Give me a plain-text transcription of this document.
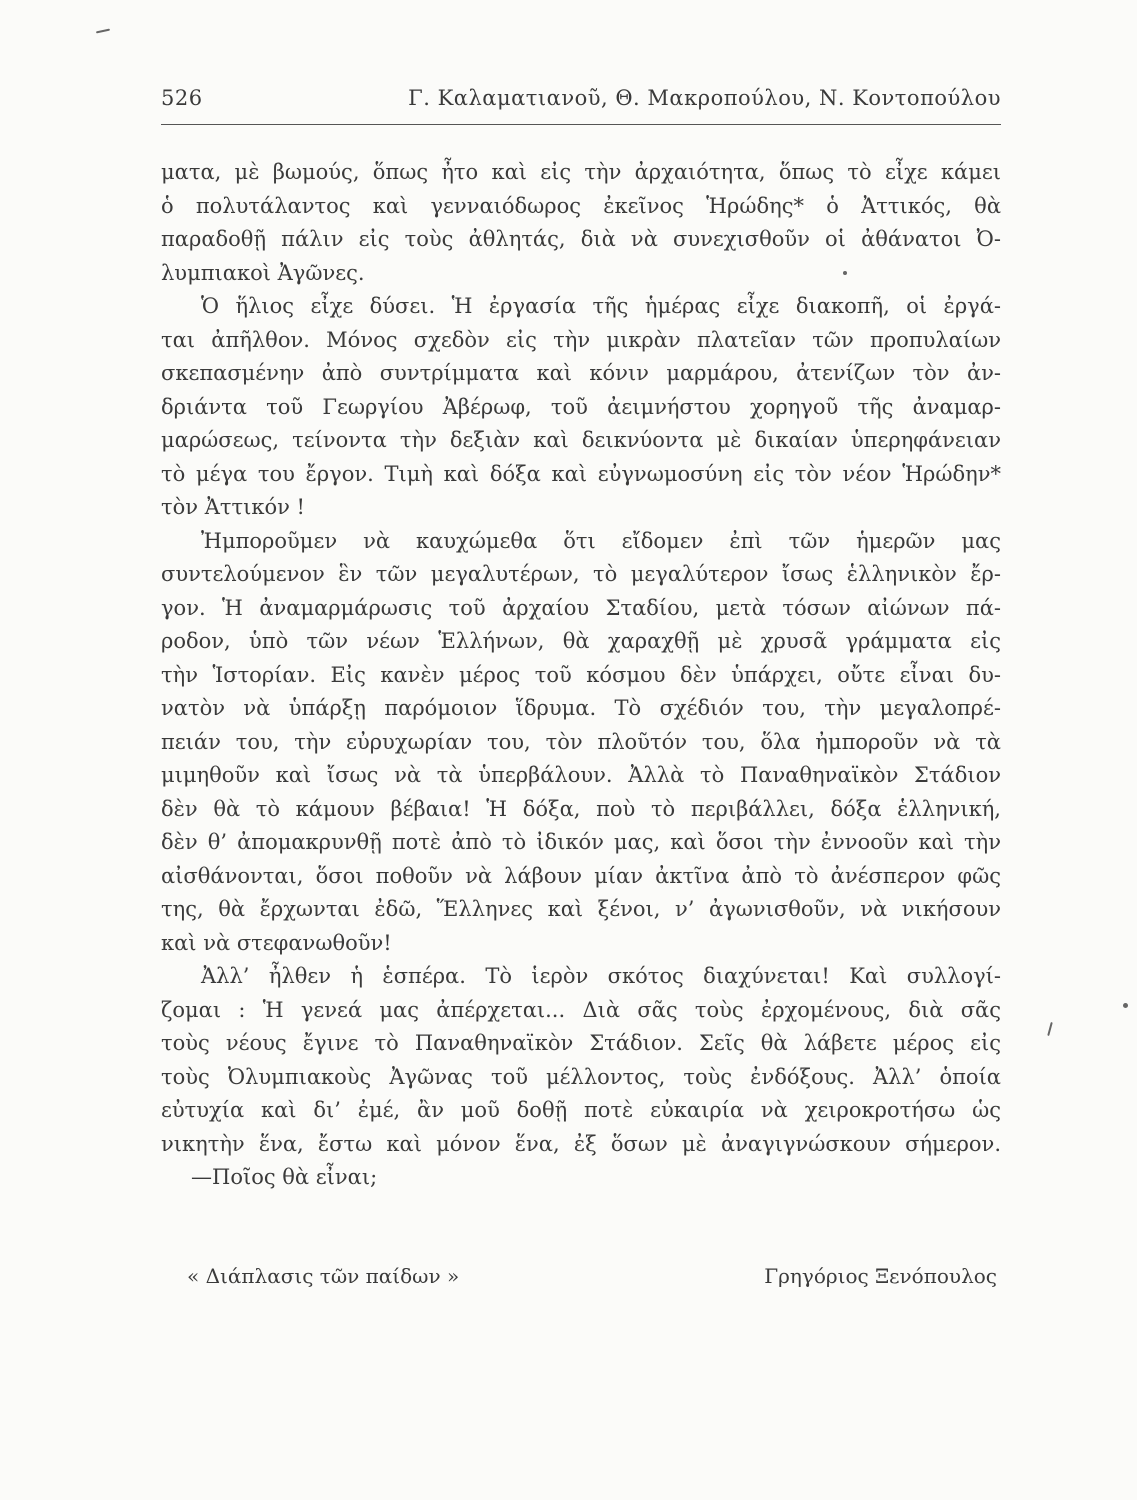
526	Γ. Καλαματιανοῦ, Θ. Μακροπούλου, Ν. Κοντοπούλου
ματα, μὲ βωμούς, ὅπως ἦτο καὶ εἰς τὴν ἀρχαιότητα, ὅπως τὸ εἶχε κάμει
ὁ πολυτάλαντος καὶ γενναιόδωρος ἐκεῖνος Ἡρώδης* ὁ Ἀττικός, θὰ
παραδοθῇ πάλιν εἰς τοὺς ἀθλητάς, διὰ νὰ συνεχισθοῦν οἱ ἀθάνατοι Ὀ-
λυμπιακοὶ Ἀγῶνες.
Ὁ ἥλιος εἶχε δύσει. Ἡ ἐργασία τῆς ἡμέρας εἶχε διακοπῆ, οἱ ἐργά-
ται ἀπῆλθον. Μόνος σχεδὸν εἰς τὴν μικρὰν πλατεῖαν τῶν προπυλαίων
σκεπασμένην ἀπὸ συντρίμματα καὶ κόνιν μαρμάρου, ἀτενίζων τὸν ἀν-
δριάντα τοῦ Γεωργίου Ἀβέρωφ, τοῦ ἀειμνήστου χορηγοῦ τῆς ἀναμαρ-
μαρώσεως, τείνοντα τὴν δεξιὰν καὶ δεικνύοντα μὲ δικαίαν ὑπερηφάνειαν
τὸ μέγα του ἔργον. Τιμὴ καὶ δόξα καὶ εὐγνωμοσύνη εἰς τὸν νέον Ἡρώδην*
τὸν Ἀττικόν !
Ἠμποροῦμεν νὰ καυχώμεθα ὅτι εἴδομεν ἐπὶ τῶν ἡμερῶν μας
συντελούμενον ἓν τῶν μεγαλυτέρων, τὸ μεγαλύτερον ἴσως ἑλληνικὸν ἔρ-
γον. Ἡ ἀναμαρμάρωσις τοῦ ἀρχαίου Σταδίου, μετὰ τόσων αἰώνων πά-
ροδον, ὑπὸ τῶν νέων Ἑλλήνων, θὰ χαραχθῇ μὲ χρυσᾶ γράμματα εἰς
τὴν Ἱστορίαν. Εἰς κανὲν μέρος τοῦ κόσμου δὲν ὑπάρχει, οὔτε εἶναι δυ-
νατὸν νὰ ὑπάρξῃ παρόμοιον ἵδρυμα. Τὸ σχέδιόν του, τὴν μεγαλοπρέ-
πειάν του, τὴν εὐρυχωρίαν του, τὸν πλοῦτόν του, ὅλα ἠμποροῦν νὰ τὰ
μιμηθοῦν καὶ ἴσως νὰ τὰ ὑπερβάλουν. Ἀλλὰ τὸ Παναθηναϊκὸν Στάδιον
δὲν θὰ τὸ κάμουν βέβαια! Ἡ δόξα, ποὺ τὸ περιβάλλει, δόξα ἑλληνική,
δὲν θ’ ἀπομακρυνθῇ ποτὲ ἀπὸ τὸ ἰδικόν μας, καὶ ὅσοι τὴν ἐννοοῦν καὶ τὴν
αἰσθάνονται, ὅσοι ποθοῦν νὰ λάβουν μίαν ἀκτῖνα ἀπὸ τὸ ἀνέσπερον φῶς
της, θὰ ἔρχωνται ἐδῶ, Ἕλληνες καὶ ξένοι, ν’ ἀγωνισθοῦν, νὰ νικήσουν
καὶ νὰ στεφανωθοῦν!
Ἀλλ’ ἦλθεν ἡ ἑσπέρα. Τὸ ἱερὸν σκότος διαχύνεται! Καὶ συλλογί-
ζομαι : Ἡ γενεά μας ἀπέρχεται... Διὰ σᾶς τοὺς ἐρχομένους, διὰ σᾶς
τοὺς νέους ἔγινε τὸ Παναθηναϊκὸν Στάδιον. Σεῖς θὰ λάβετε μέρος εἰς
τοὺς Ὀλυμπιακοὺς Ἀγῶνας τοῦ μέλλοντος, τοὺς ἐνδόξους. Ἀλλ’ ὁποία
εὐτυχία καὶ δι’ ἐμέ, ἂν μοῦ δοθῇ ποτὲ εὐκαιρία νὰ χειροκροτήσω ὡς
νικητὴν ἕνα, ἔστω καὶ μόνον ἕνα, ἐξ ὅσων μὲ ἀναγιγνώσκουν σήμερον.
—Ποῖος θὰ εἶναι;
« Διάπλασις τῶν παίδων »	Γρηγόριος Ξενόπουλος
